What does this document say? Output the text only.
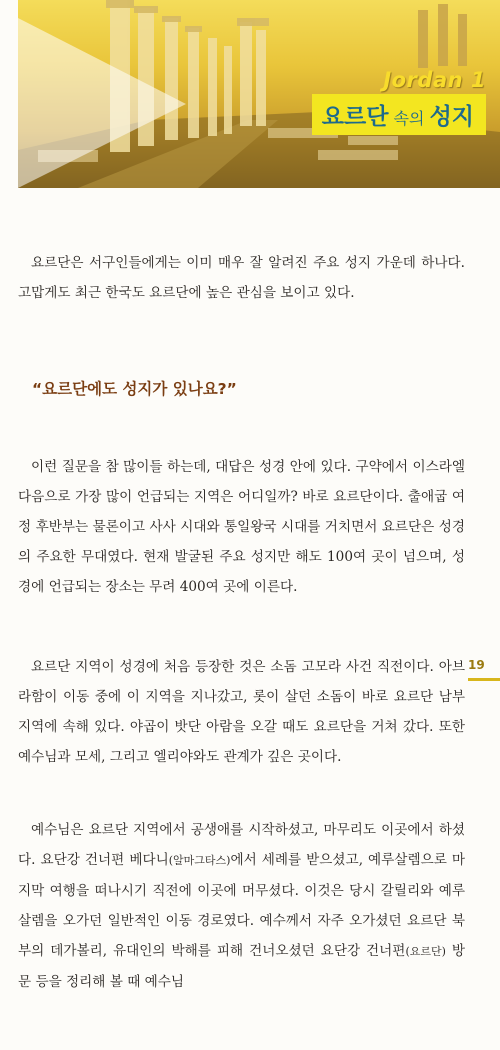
Jordan 1
요르단 속의 성지

요르단은 서구인들에게는 이미 매우 잘 알려진 주요 성지 가운데 하나다. 고맙게도 최근 한국도 요르단에 높은 관심을 보이고 있다.

“요르단에도 성지가 있나요?”

이런 질문을 참 많이들 하는데, 대답은 성경 안에 있다. 구약에서 이스라엘 다음으로 가장 많이 언급되는 지역은 어디일까? 바로 요르단이다. 출애굽 여정 후반부는 물론이고 사사 시대와 통일왕국 시대를 거치면서 요르단은 성경의 주요한 무대였다. 현재 발굴된 주요 성지만 해도 100여 곳이 넘으며, 성경에 언급되는 장소는 무려 400여 곳에 이른다.

요르단 지역이 성경에 처음 등장한 것은 소돔 고모라 사건 직전이다. 아브라함이 이동 중에 이 지역을 지나갔고, 롯이 살던 소돔이 바로 요르단 남부 지역에 속해 있다. 야곱이 밧단 아람을 오갈 때도 요르단을 거쳐 갔다. 또한 예수님과 모세, 그리고 엘리야와도 관계가 깊은 곳이다.

예수님은 요르단 지역에서 공생애를 시작하셨고, 마무리도 이곳에서 하셨다. 요단강 건너편 베다니(알마그타스)에서 세례를 받으셨고, 예루살렘으로 마지막 여행을 떠나시기 직전에 이곳에 머무셨다. 이것은 당시 갈릴리와 예루살렘을 오가던 일반적인 이동 경로였다. 예수께서 자주 오가셨던 요르단 북부의 데가볼리, 유대인의 박해를 피해 건너오셨던 요단강 건너편(요르단) 방문 등을 정리해 볼 때 예수님

19
